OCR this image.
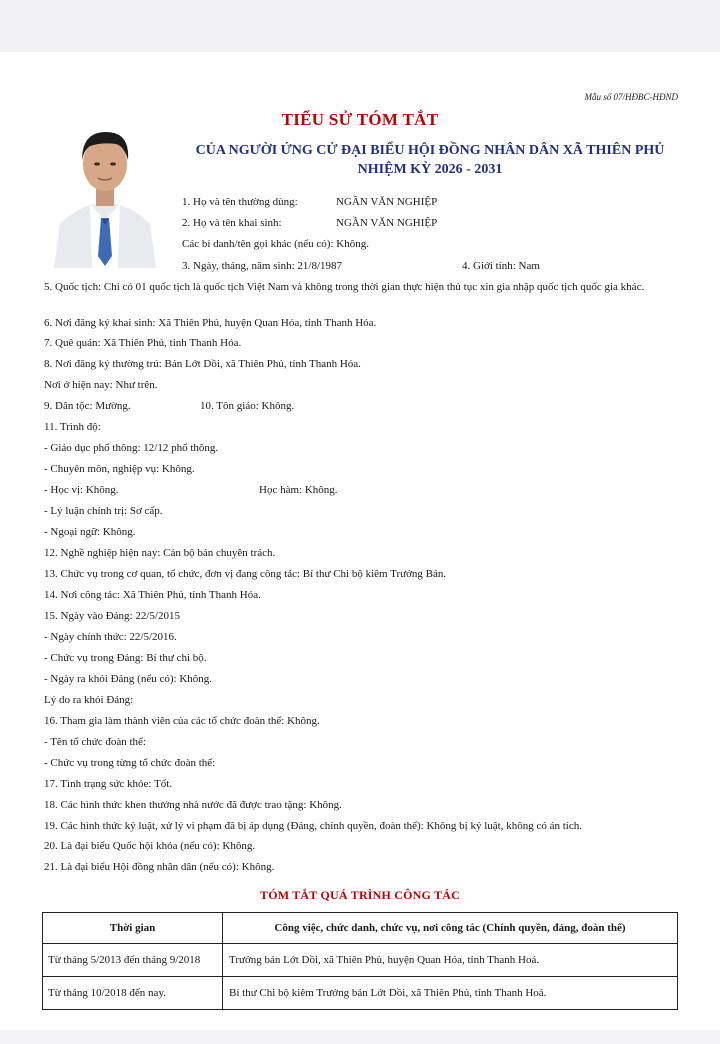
Mẫu số 07/HĐBC-HĐND
TIỂU SỬ TÓM TẮT
CỦA NGƯỜI ỨNG CỬ ĐẠI BIỂU HỘI ĐỒNG NHÂN DÂN XÃ THIÊN PHỦ
NHIỆM KỲ 2026 - 2031
1. Họ và tên thường dùng:	NGẦN VĂN NGHIỆP
2. Họ và tên khai sinh:	NGẦN VĂN NGHIỆP
Các bí danh/tên gọi khác (nếu có): Không.
3. Ngày, tháng, năm sinh: 21/8/1987	4. Giới tính: Nam
5. Quốc tịch: Chỉ có 01 quốc tịch là quốc tịch Việt Nam và không trong thời gian thực hiện thủ tục xin gia nhập quốc tịch quốc gia khác.
6. Nơi đăng ký khai sinh: Xã Thiên Phủ, huyện Quan Hóa, tỉnh Thanh Hóa.
7. Quê quán: Xã Thiên Phủ, tỉnh Thanh Hóa.
8. Nơi đăng ký thường trú: Bản Lớt Dồi, xã Thiên Phủ, tỉnh Thanh Hóa.
Nơi ở hiện nay: Như trên.
9. Dân tộc: Mường.	10. Tôn giáo: Không.
11. Trình độ:
- Giáo dục phổ thông: 12/12 phổ thông.
- Chuyên môn, nghiệp vụ: Không.
- Học vị: Không.	Học hàm: Không.
- Lý luận chính trị: Sơ cấp.
- Ngoại ngữ: Không.
12. Nghề nghiệp hiện nay: Cán bộ bán chuyên trách.
13. Chức vụ trong cơ quan, tổ chức, đơn vị đang công tác: Bí thư Chi bộ kiêm Trưởng Bản.
14. Nơi công tác: Xã Thiên Phủ, tỉnh Thanh Hóa.
15. Ngày vào Đảng: 22/5/2015
- Ngày chính thức: 22/5/2016.
- Chức vụ trong Đảng: Bí thư chi bộ.
- Ngày ra khỏi Đảng (nếu có): Không.
Lý do ra khỏi Đảng:
16. Tham gia làm thành viên của các tổ chức đoàn thể: Không.
- Tên tổ chức đoàn thể:
- Chức vụ trong từng tổ chức đoàn thể:
17. Tình trạng sức khỏe: Tốt.
18. Các hình thức khen thưởng nhà nước đã được trao tặng: Không.
19. Các hình thức kỷ luật, xử lý vi phạm đã bị áp dụng (Đảng, chính quyền, đoàn thể): Không bị kỷ luật, không có án tích.
20. Là đại biểu Quốc hội khóa (nếu có): Không.
21. Là đại biểu Hội đồng nhân dân (nếu có): Không.
TÓM TẮT QUÁ TRÌNH CÔNG TÁC
Thời gian	Công việc, chức danh, chức vụ, nơi công tác (Chính quyền, đảng, đoàn thể)
Từ tháng 5/2013 đến tháng 9/2018	Trưởng bản Lớt Dồi, xã Thiên Phủ, huyện Quan Hóa, tỉnh Thanh Hoá.
Từ tháng 10/2018 đến nay.	Bí thư Chi bộ kiêm Trưởng bản Lớt Dồi, xã Thiên Phủ, tỉnh Thanh Hoá.
